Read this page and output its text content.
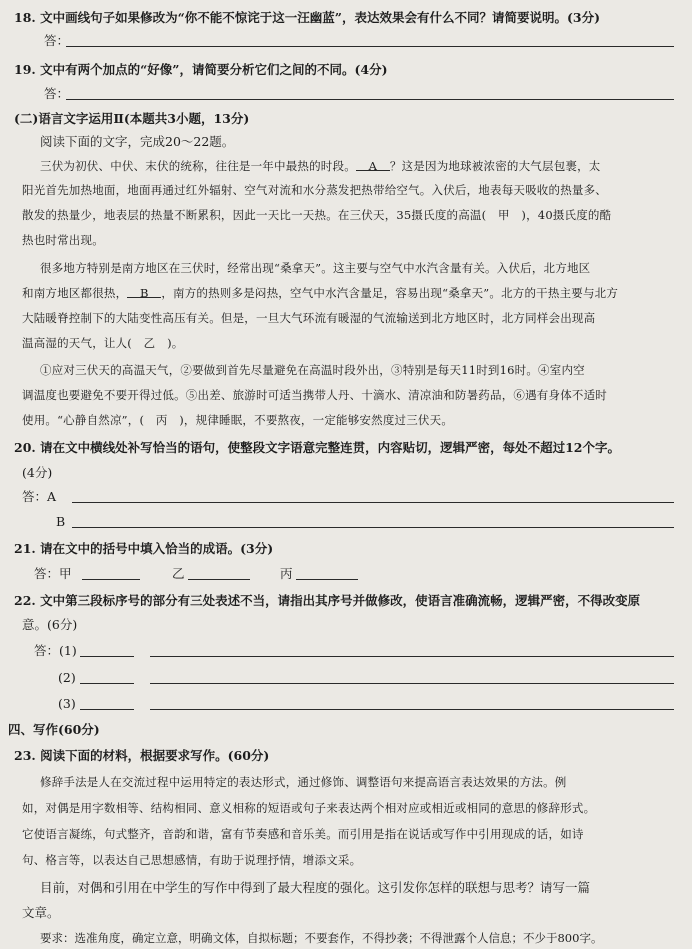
18. 文中画线句子如果修改为“你不能不惊诧于这一汪幽蓝”，表达效果会有什么不同？请简要说明。(3分)
答：
19. 文中有两个加点的“好像”，请简要分析它们之间的不同。(4分)
答：
(二)语言文字运用Ⅱ(本题共3小题，13分)
阅读下面的文字，完成20～22题。
三伏为初伏、中伏、末伏的统称，往往是一年中最热的时段。 A ？这是因为地球被浓密的大气层包裹，太
阳光首先加热地面，地面再通过红外辐射、空气对流和水分蒸发把热带给空气。入伏后，地表每天吸收的热量多、
散发的热量少，地表层的热量不断累积，因此一天比一天热。在三伏天，35摄氏度的高温(　甲　)，40摄氏度的酷
热也时常出现。
很多地方特别是南方地区在三伏时，经常出现“桑拿天”。这主要与空气中水汽含量有关。入伏后，北方地区
和南方地区都很热， B ，南方的热则多是闷热，空气中水汽含量足，容易出现“桑拿天”。北方的干热主要与北方
大陆暖脊控制下的大陆变性高压有关。但是，一旦大气环流有暖湿的气流输送到北方地区时，北方同样会出现高
温高湿的天气，让人(　乙　)。
①应对三伏天的高温天气，②要做到首先尽量避免在高温时段外出，③特别是每天11时到16时。④室内空
调温度也要避免不要开得过低。⑤出差、旅游时可适当携带人丹、十滴水、清凉油和防暑药品，⑥遇有身体不适时
使用。“心静自然凉”，(　丙　)，规律睡眠，不要熬夜，一定能够安然度过三伏天。
20. 请在文中横线处补写恰当的语句，使整段文字语意完整连贯，内容贴切，逻辑严密，每处不超过12个字。
(4分)
答：A
B
21. 请在文中的括号中填入恰当的成语。(3分)
答：甲	乙	丙
22. 文中第三段标序号的部分有三处表述不当，请指出其序号并做修改，使语言准确流畅，逻辑严密，不得改变原
意。(6分)
答：(1)
(2)
(3)
四、写作(60分)
23. 阅读下面的材料，根据要求写作。(60分)
修辞手法是人在交流过程中运用特定的表达形式，通过修饰、调整语句来提高语言表达效果的方法。例
如，对偶是用字数相等、结构相同、意义相称的短语或句子来表达两个相对应或相近或相同的意思的修辞形式。
它使语言凝练，句式整齐，音韵和谐，富有节奏感和音乐美。而引用是指在说话或写作中引用现成的话，如诗
句、格言等，以表达自己思想感情，有助于说理抒情，增添文采。
目前，对偶和引用在中学生的写作中得到了最大程度的强化。这引发你怎样的联想与思考？请写一篇
文章。
要求：选准角度，确定立意，明确文体，自拟标题；不要套作，不得抄袭；不得泄露个人信息；不少于800字。
